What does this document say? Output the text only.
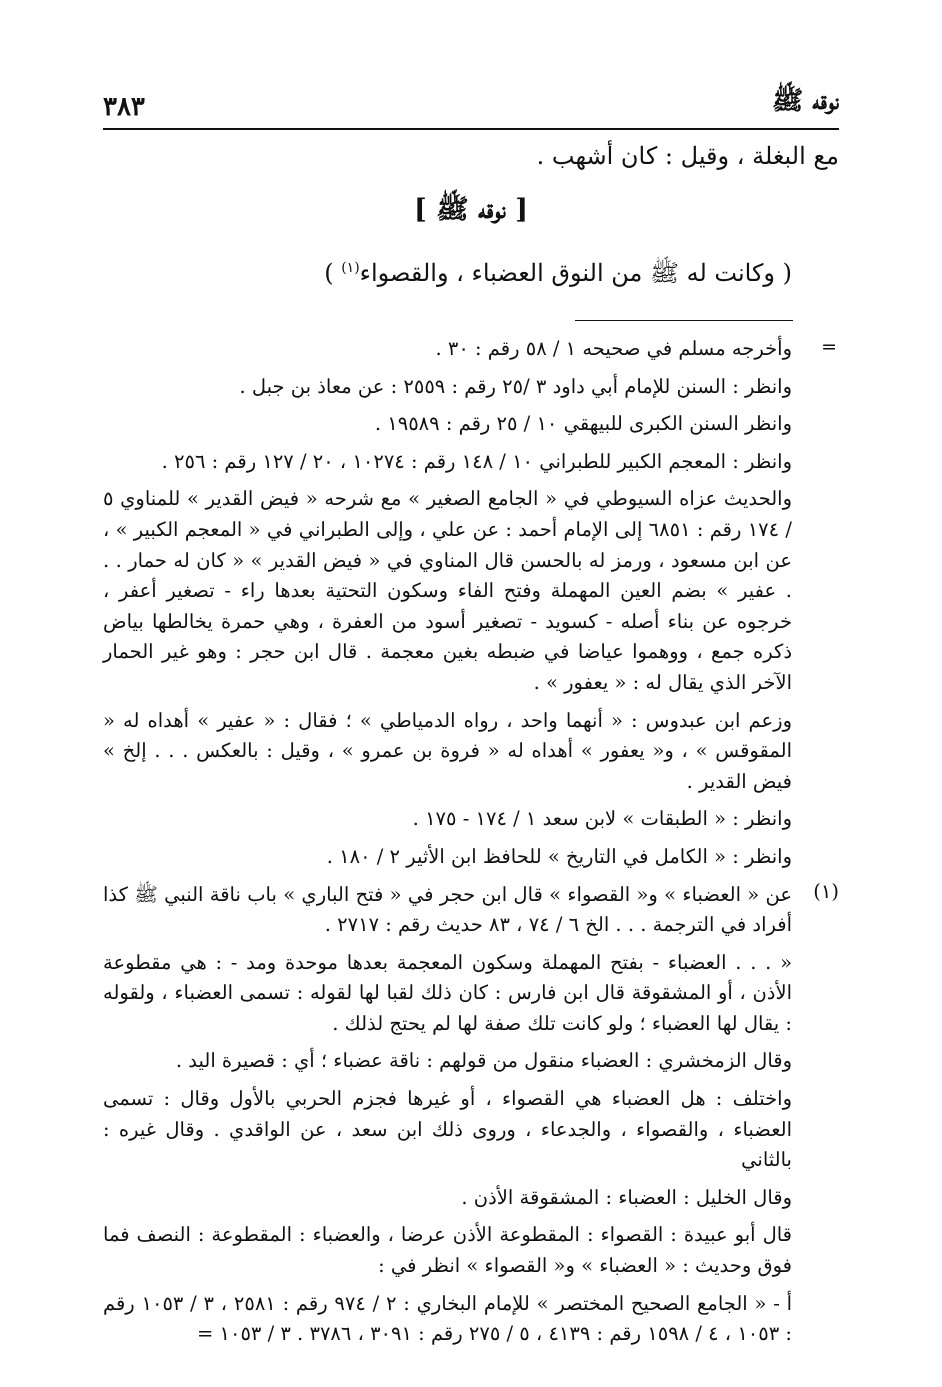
نوقه ﷺ
٣٨٣
مع البغلة ، وقيل : كان أشهب .
[ نوقه ﷺ ]
( وكانت له ﷺ من النوق العضباء ، والقصواء$^{(١)}$ )
=

وأخرجه مسلم في صحيحه ١ / ٥٨ رقم : ٣٠ .

وانظر : السنن للإمام أبي داود ٣ /٢٥ رقم : ٢٥٥٩ : عن معاذ بن جبل .

وانظر السنن الكبرى للبيهقي ١٠ / ٢٥ رقم : ١٩٥٨٩ .

وانظر : المعجم الكبير للطبراني ١٠ / ١٤٨ رقم : ١٠٢٧٤ ، ٢٠ / ١٢٧ رقم : ٢٥٦ .

والحديث عزاه السيوطي في « الجامع الصغير » مع شرحه « فيض القدير » للمناوي ٥ / ١٧٤ رقم : ٦٨٥١ إلى الإمام أحمد : عن علي ، وإلى الطبراني في « المعجم الكبير » ، عن ابن مسعود ، ورمز له بالحسن قال المناوي في « فيض القدير » « كان له حمار . . . عفير » بضم العين المهملة وفتح الفاء وسكون التحتية بعدها راء - تصغير أعفر ، خرجوه عن بناء أصله - كسويد - تصغير أسود من العفرة ، وهي حمرة يخالطها بياض ذكره جمع ، ووهموا عياضا في ضبطه بغين معجمة . قال ابن حجر : وهو غير الحمار الآخر الذي يقال له : « يعفور » .

وزعم ابن عبدوس : « أنهما واحد ، رواه الدمياطي » ؛ فقال : « عفير » أهداه له « المقوقس » ، و« يعفور » أهداه له « فروة بن عمرو » ، وقيل : بالعكس . . . إلخ » فيض القدير .

وانظر : « الطبقات » لابن سعد ١ / ١٧٤ - ١٧٥ .

وانظر : « الكامل في التاريخ » للحافظ ابن الأثير ٢ / ١٨٠ .

عن « العضباء » و« القصواء » قال ابن حجر في « فتح الباري » باب ناقة النبي ﷺ كذا أفراد في الترجمة . . . الخ ٦ / ٧٤ ، ٨٣ حديث رقم : ٢٧١٧ .

« . . . العضباء - بفتح المهملة وسكون المعجمة بعدها موحدة ومد - : هي مقطوعة الأذن ، أو المشقوقة قال ابن فارس : كان ذلك لقبا لها لقوله : تسمى العضباء ، ولقوله : يقال لها العضباء ؛ ولو كانت تلك صفة لها لم يحتج لذلك .

وقال الزمخشري : العضباء منقول من قولهم : ناقة عضباء ؛ أي : قصيرة اليد .

واختلف : هل العضباء هي القصواء ، أو غيرها فجزم الحربي بالأول وقال : تسمى العضباء ، والقصواء ، والجدعاء ، وروى ذلك ابن سعد ، عن الواقدي . وقال غيره : بالثاني

وقال الخليل : العضباء : المشقوقة الأذن .

قال أبو عبيدة : القصواء : المقطوعة الأذن عرضا ، والعضباء : المقطوعة : النصف فما فوق وحديث : « العضباء » و« القصواء » انظر في :

أ - « الجامع الصحيح المختصر » للإمام البخاري : ٢ / ٩٧٤ رقم : ٢٥٨١ ، ٣ / ١٠٥٣ رقم : ١٠٥٣ ، ٤ / ١٥٩٨ رقم : ٤١٣٩ ، ٥ / ٢٧٥ رقم : ٣٠٩١ ، ٣٧٨٦ . ٣ / ١٠٥٣ =

(١)
